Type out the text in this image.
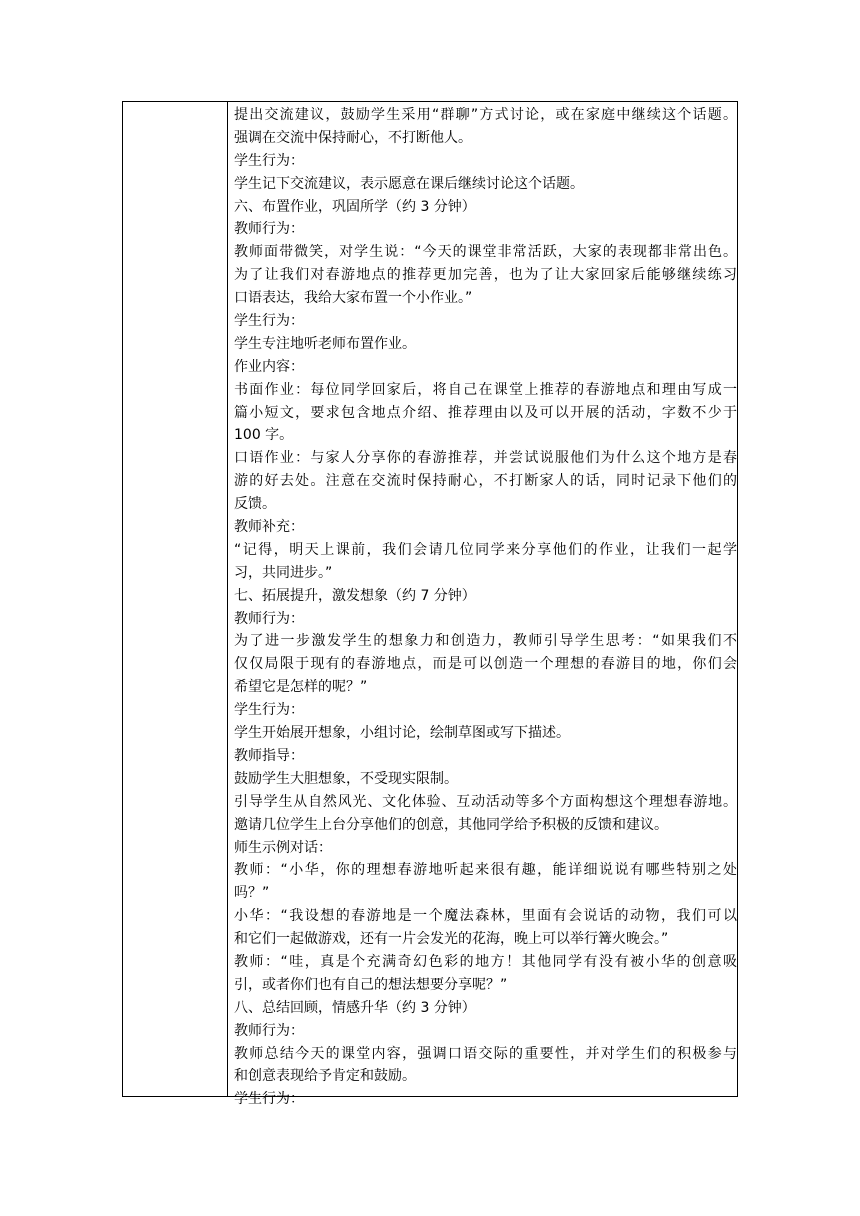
提出交流建议，鼓励学生采用“群聊”方式讨论，或在家庭中继续这个话题。
强调在交流中保持耐心，不打断他人。
学生行为：
学生记下交流建议，表示愿意在课后继续讨论这个话题。
六、布置作业，巩固所学（约 3 分钟）
教师行为：
教师面带微笑，对学生说：“今天的课堂非常活跃，大家的表现都非常出色。
为了让我们对春游地点的推荐更加完善，也为了让大家回家后能够继续练习
口语表达，我给大家布置一个小作业。”
学生行为：
学生专注地听老师布置作业。
作业内容：
书面作业：每位同学回家后，将自己在课堂上推荐的春游地点和理由写成一
篇小短文，要求包含地点介绍、推荐理由以及可以开展的活动，字数不少于
100 字。
口语作业：与家人分享你的春游推荐，并尝试说服他们为什么这个地方是春
游的好去处。注意在交流时保持耐心，不打断家人的话，同时记录下他们的
反馈。
教师补充：
“记得，明天上课前，我们会请几位同学来分享他们的作业，让我们一起学
习，共同进步。”
七、拓展提升，激发想象（约 7 分钟）
教师行为：
为了进一步激发学生的想象力和创造力，教师引导学生思考：“如果我们不
仅仅局限于现有的春游地点，而是可以创造一个理想的春游目的地，你们会
希望它是怎样的呢？”
学生行为：
学生开始展开想象，小组讨论，绘制草图或写下描述。
教师指导：
鼓励学生大胆想象，不受现实限制。
引导学生从自然风光、文化体验、互动活动等多个方面构想这个理想春游地。
邀请几位学生上台分享他们的创意，其他同学给予积极的反馈和建议。
师生示例对话：
教师：“小华，你的理想春游地听起来很有趣，能详细说说有哪些特别之处
吗？”
小华：“我设想的春游地是一个魔法森林，里面有会说话的动物，我们可以
和它们一起做游戏，还有一片会发光的花海，晚上可以举行篝火晚会。”
教师：“哇，真是个充满奇幻色彩的地方！其他同学有没有被小华的创意吸
引，或者你们也有自己的想法想要分享呢？”
八、总结回顾，情感升华（约 3 分钟）
教师行为：
教师总结今天的课堂内容，强调口语交际的重要性，并对学生们的积极参与
和创意表现给予肯定和鼓励。
学生行为：
